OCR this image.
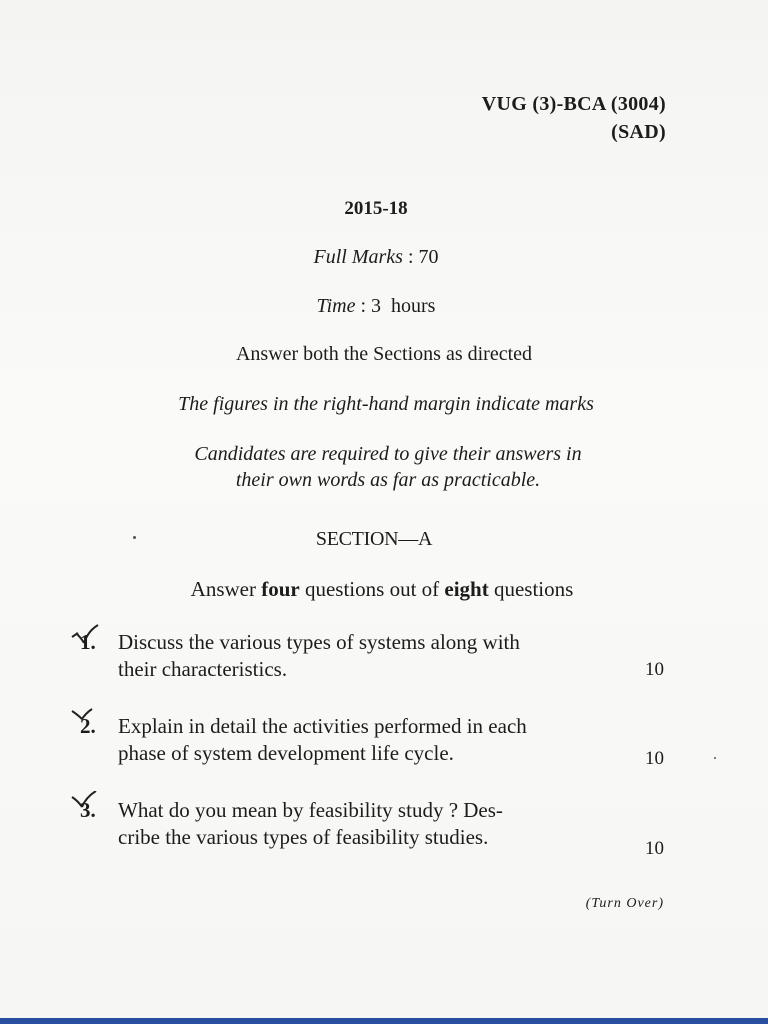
VUG (3)-BCA (3004)
(SAD)
2015-18
Full Marks : 70
Time : 3  hours
Answer both the Sections as directed
The figures in the right-hand margin indicate marks
Candidates are required to give their answers in
their own words as far as practicable.
SECTION—A
Answer four questions out of eight questions
1. Discuss the various types of systems along with
their characteristics.	10
2. Explain in detail the activities performed in each
phase of system development life cycle.	10
3. What do you mean by feasibility study ? Des-
cribe the various types of feasibility studies.	10
(Turn Over)
